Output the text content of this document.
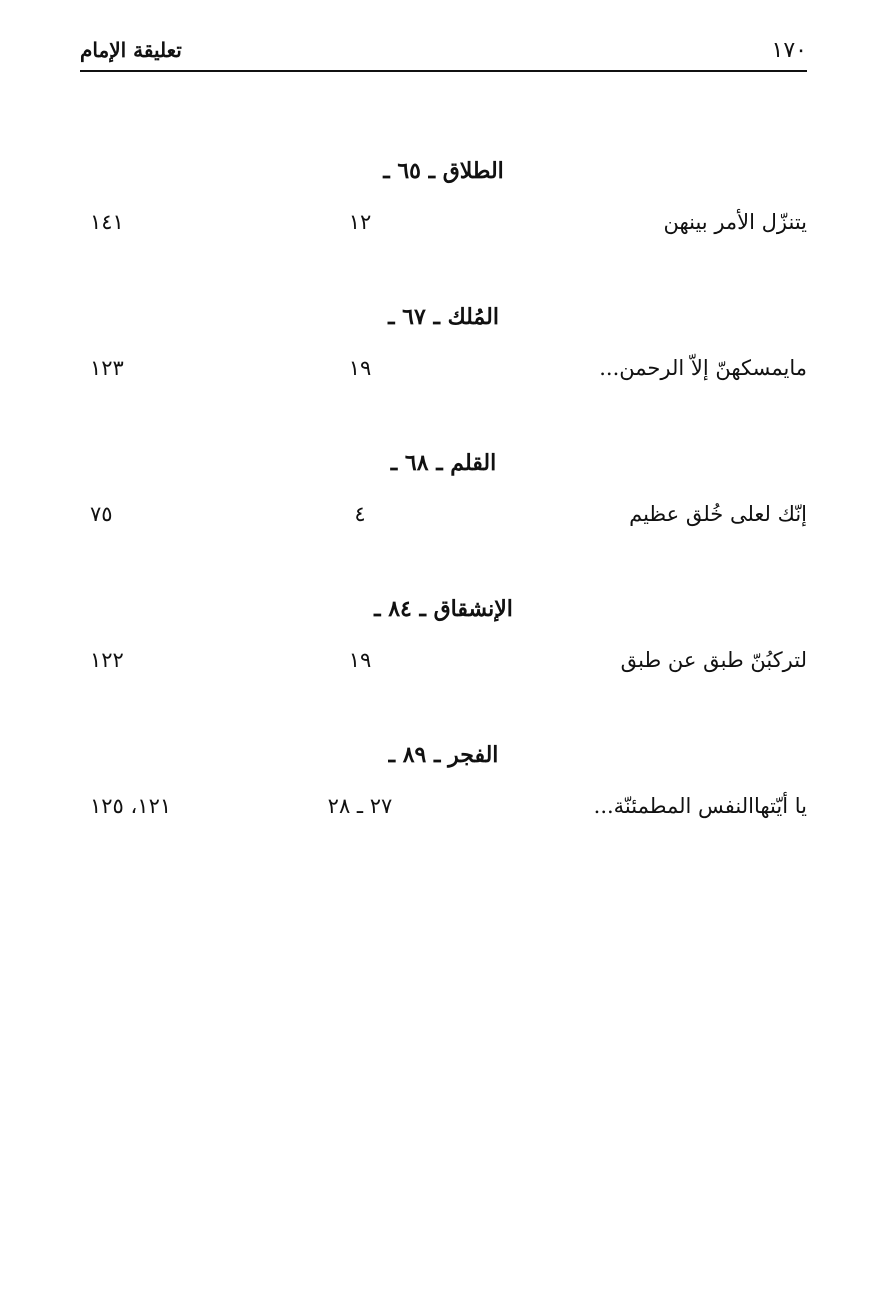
١٧٠
تعليقة الإمام
الطلاق ـ ٦٥ ـ
يتنزّل الأمر بينهن
١٢
١٤١
المُلك ـ ٦٧ ـ
مايمسكهنّ إلاّ الرحمن...
١٩
١٢٣
القلم ـ ٦٨ ـ
إنّك لعلى خُلق عظيم
٤
٧٥
الإنشقاق ـ ٨٤ ـ
لتركبُنّ طبق عن طبق
١٩
١٢٢
الفجر ـ ٨٩ ـ
يا أيّتهاالنفس المطمئنّة...
٢٧ ـ ٢٨
١٢١، ١٢٥
